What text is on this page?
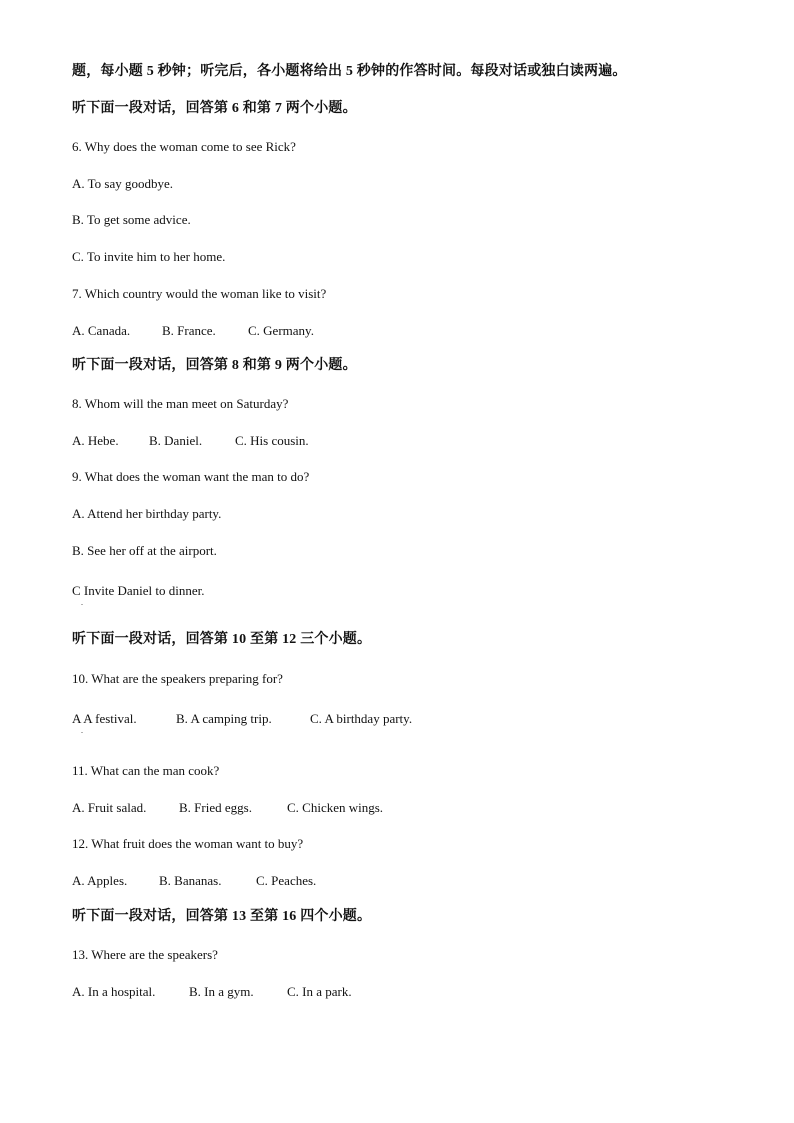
题，每小题 5 秒钟；听完后，各小题将给出 5 秒钟的作答时间。每段对话或独白读两遍。
听下面一段对话，回答第 6 和第 7 两个小题。
6. Why does the woman come to see Rick?
A. To say goodbye.
B. To get some advice.
C. To invite him to her home.
7. Which country would the woman like to visit?
A. Canada. B. France. C. Germany.
听下面一段对话，回答第 8 和第 9 两个小题。
8. Whom will the man meet on Saturday?
A. Hebe. B. Daniel.	C. His cousin.
9. What does the woman want the man to do?
A. Attend her birthday party.
B. See her off at the airport.
C Invite Daniel to dinner.
.
听下面一段对话，回答第 10 至第 12 三个小题。
10. What are the speakers preparing for?
A A festival.	B. A camping trip.	C. A birthday party.
.
11. What can the man cook?
A. Fruit salad.	B. Fried eggs.	C. Chicken wings.
12. What fruit does the woman want to buy?
A. Apples. B. Bananas.	C. Peaches.
听下面一段对话，回答第 13 至第 16 四个小题。
13. Where are the speakers?
A. In a hospital.	B. In a gym.	C. In a park.
